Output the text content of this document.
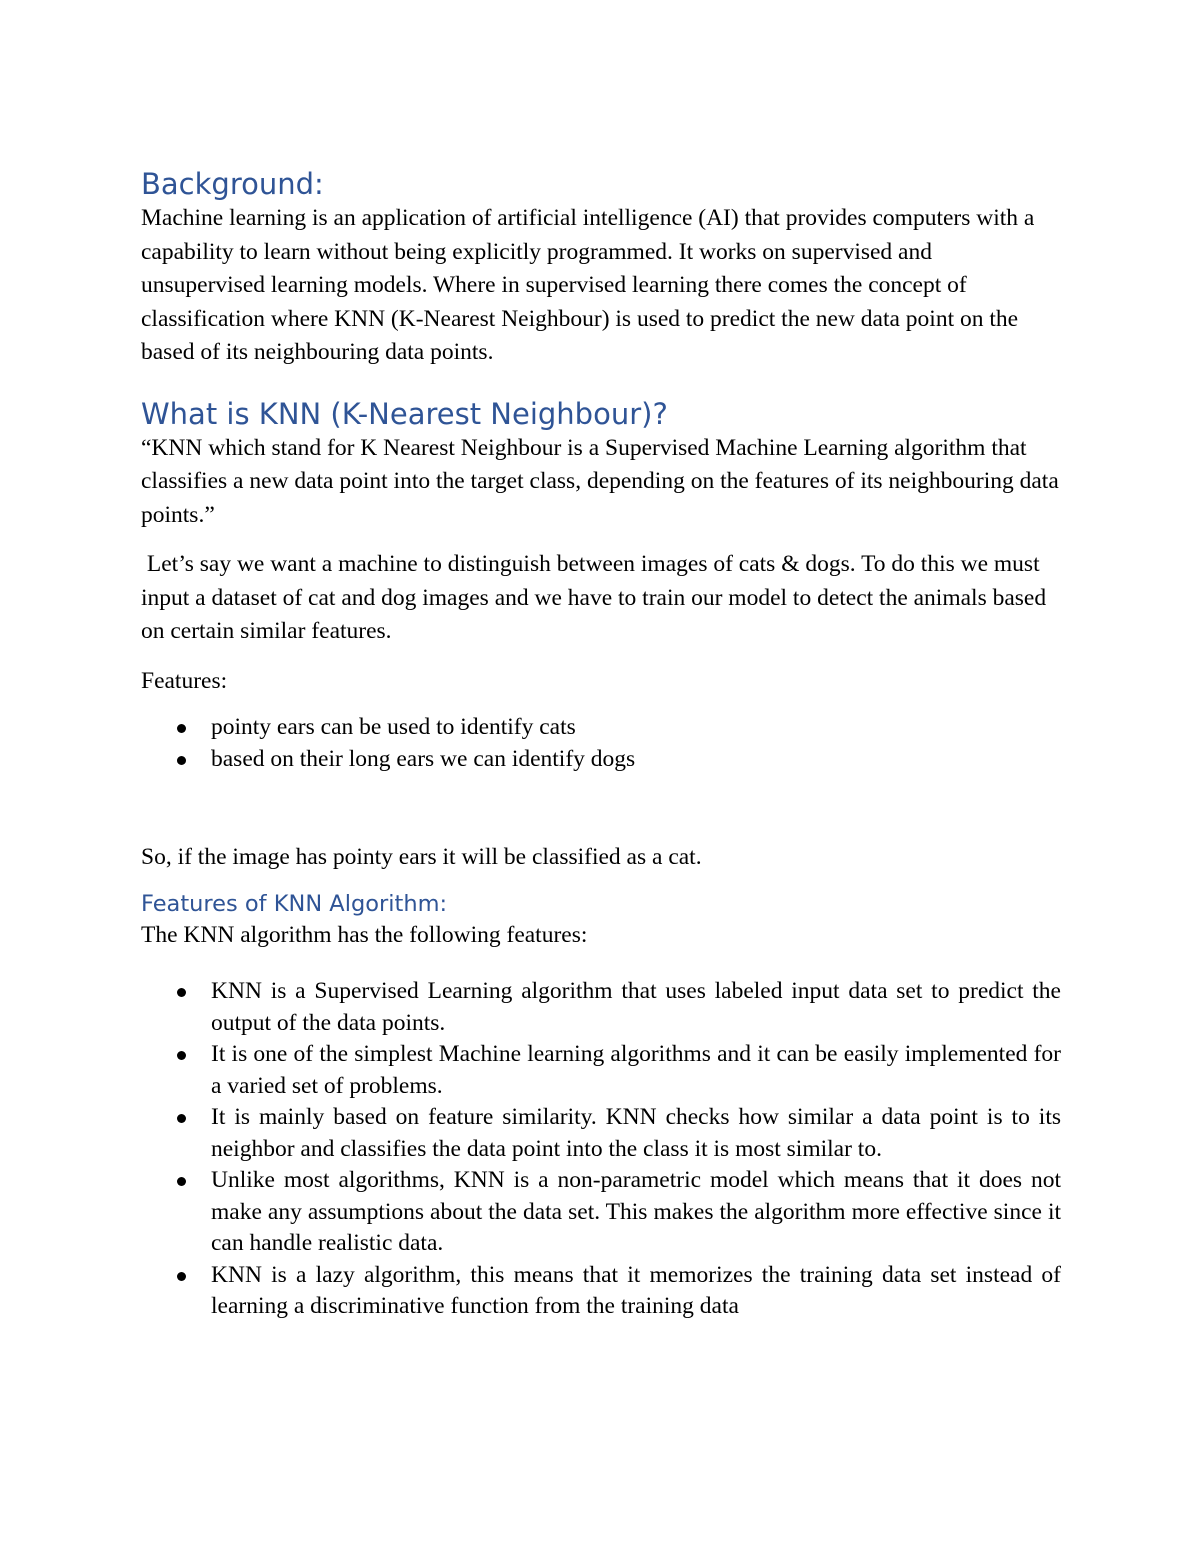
Background:

Machine learning is an application of artificial intelligence (AI) that provides computers with a capability to learn without being explicitly programmed. It works on supervised and unsupervised learning models. Where in supervised learning there comes the concept of classification where KNN (K-Nearest Neighbour) is used to predict the new data point on the based of its neighbouring data points.

What is KNN (K-Nearest Neighbour)?

“KNN which stand for K Nearest Neighbour is a Supervised Machine Learning algorithm that classifies a new data point into the target class, depending on the features of its neighbouring data points.”

Let’s say we want a machine to distinguish between images of cats & dogs. To do this we must input a dataset of cat and dog images and we have to train our model to detect the animals based on certain similar features.

Features:

pointy ears can be used to identify cats
based on their long ears we can identify dogs

So, if the image has pointy ears it will be classified as a cat.

Features of KNN Algorithm:

The KNN algorithm has the following features:

KNN is a Supervised Learning algorithm that uses labeled input data set to predict the output of the data points.
It is one of the simplest Machine learning algorithms and it can be easily implemented for a varied set of problems.
It is mainly based on feature similarity. KNN checks how similar a data point is to its neighbor and classifies the data point into the class it is most similar to.
Unlike most algorithms, KNN is a non-parametric model which means that it does not make any assumptions about the data set. This makes the algorithm more effective since it can handle realistic data.
KNN is a lazy algorithm, this means that it memorizes the training data set instead of learning a discriminative function from the training data
